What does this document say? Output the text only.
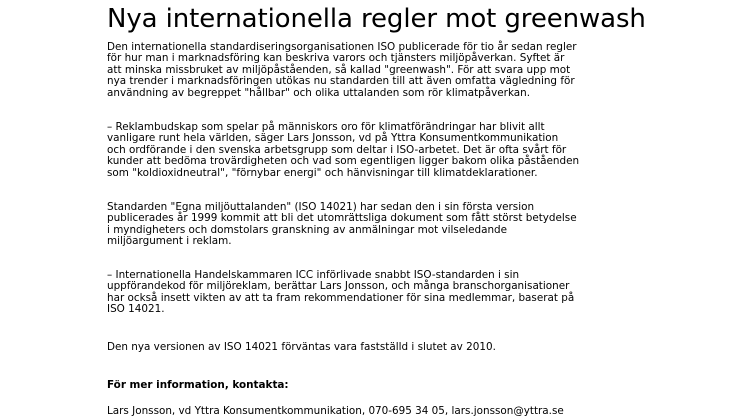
Nya internationella regler mot greenwash

Den internationella standardiseringsorganisationen ISO publicerade för tio år sedan regler
för hur man i marknadsföring kan beskriva varors och tjänsters miljöpåverkan. Syftet är
att minska missbruket av miljöpåståenden, så kallad "greenwash". För att svara upp mot
nya trender i marknadsföringen utökas nu standarden till att även omfatta vägledning för
användning av begreppet "hållbar" och olika uttalanden som rör klimatpåverkan.

– Reklambudskap som spelar på människors oro för klimatförändringar har blivit allt
vanligare runt hela världen, säger Lars Jonsson, vd på Yttra Konsumentkommunikation
och ordförande i den svenska arbetsgrupp som deltar i ISO-arbetet. Det är ofta svårt för
kunder att bedöma trovärdigheten och vad som egentligen ligger bakom olika påståenden
som "koldioxidneutral", "förnybar energi" och hänvisningar till klimatdeklarationer.

Standarden "Egna miljöuttalanden" (ISO 14021) har sedan den i sin första version
publicerades år 1999 kommit att bli det utomrättsliga dokument som fått störst betydelse
i myndigheters och domstolars granskning av anmälningar mot vilseledande
miljöargument i reklam.

– Internationella Handelskammaren ICC införlivade snabbt ISO-standarden i sin
uppförandekod för miljöreklam, berättar Lars Jonsson, och många branschorganisationer
har också insett vikten av att ta fram rekommendationer för sina medlemmar, baserat på
ISO 14021.

Den nya versionen av ISO 14021 förväntas vara fastställd i slutet av 2010.

För mer information, kontakta:

Lars Jonsson, vd Yttra Konsumentkommunikation, 070-695 34 05, lars.jonsson@yttra.se
